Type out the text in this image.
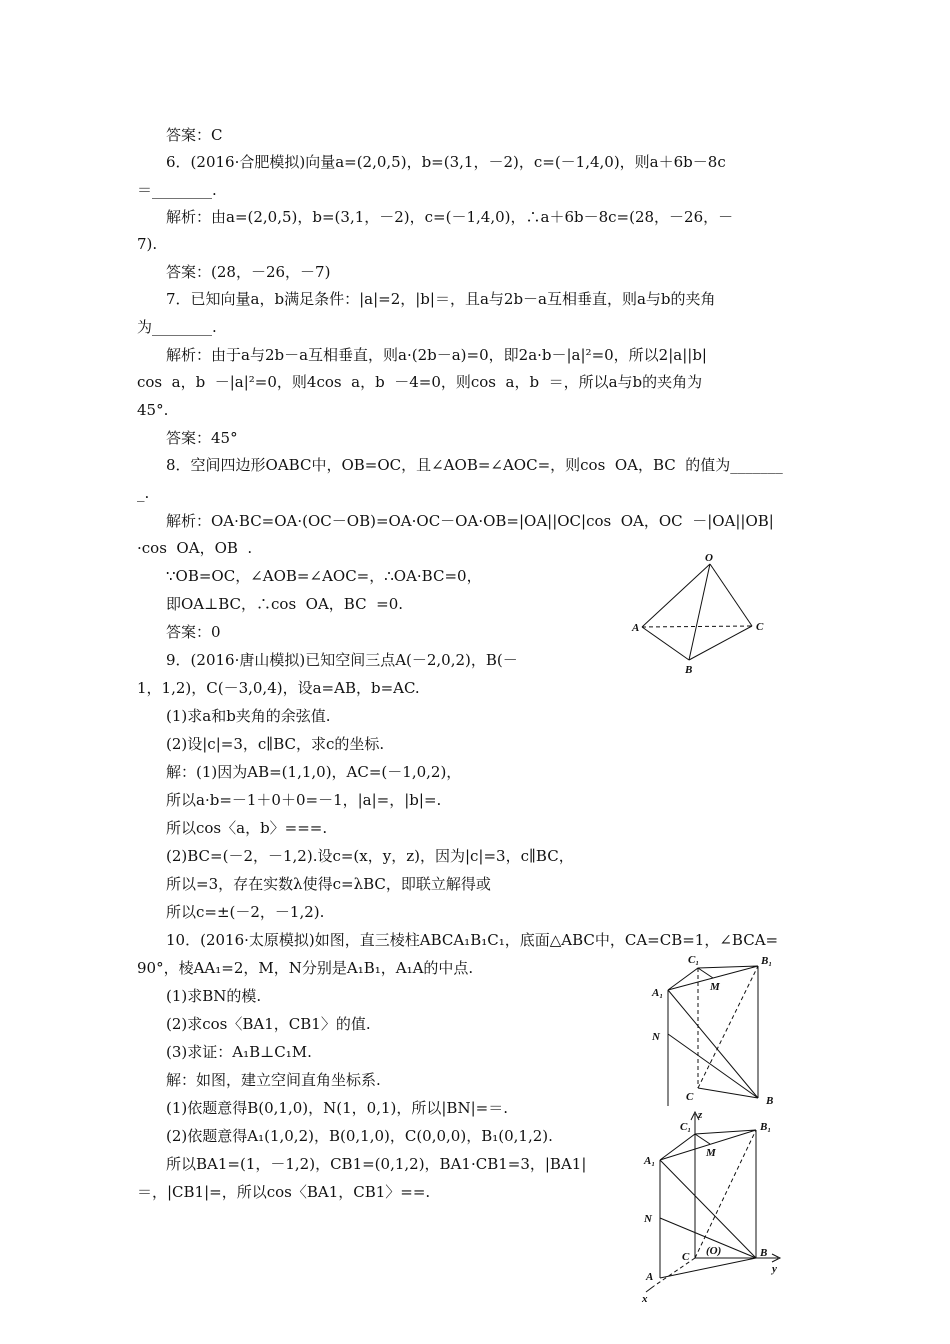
答案：C
6．(2016·合肥模拟)向量a=(2,0,5)，b=(3,1，－2)，c=(－1,4,0)，则a＋6b－8c
＝________.
解析：由a=(2,0,5)，b=(3,1，－2)，c=(－1,4,0)，∴a＋6b－8c=(28，－26，－
7).
答案：(28，－26，－7)
7．已知向量a，b满足条件：|a|=2，|b|＝，且a与2b－a互相垂直，则a与b的夹角
为________.
解析：由于a与2b－a互相垂直，则a·(2b－a)=0，即2a·b－|a|²=0，所以2|a||b|
cos  a，b  －|a|²=0，则4cos  a，b  －4=0，则cos  a，b  ＝，所以a与b的夹角为
45°.
答案：45°
8．空间四边形OABC中，OB=OC，且∠AOB=∠AOC=，则cos  OA，BC  的值为_______
_.
解析：OA·BC=OA·(OC－OB)=OA·OC－OA·OB=|OA||OC|cos  OA，OC  －|OA||OB|
·cos  OA，OB  .
∵OB=OC，∠AOB=∠AOC=，∴OA·BC=0，
即OA⊥BC，∴cos  OA，BC  =0.
答案：0
9．(2016·唐山模拟)已知空间三点A(－2,0,2)，B(－
1，1,2)，C(－3,0,4)，设a=AB，b=AC.
(1)求a和b夹角的余弦值.
(2)设|c|=3，c∥BC，求c的坐标.
解：(1)因为AB=(1,1,0)，AC=(－1,0,2)，
所以a·b=－1＋0＋0=－1，|a|=，|b|=.
所以cos〈a，b〉===.
(2)BC=(－2，－1,2).设c=(x，y，z)，因为|c|=3，c∥BC，
所以=3，存在实数λ使得c=λBC，即联立解得或
所以c=±(－2，－1,2).
10．(2016·太原模拟)如图，直三棱柱ABCA₁B₁C₁，底面△ABC中，CA=CB=1，∠BCA=
90°，棱AA₁=2，M，N分别是A₁B₁，A₁A的中点.
(1)求BN的模.
(2)求cos〈BA1，CB1〉的值.
(3)求证：A₁B⊥C₁M.
解：如图，建立空间直角坐标系.
(1)依题意得B(0,1,0)，N(1，0,1)，所以|BN|=＝.
(2)依题意得A₁(1,0,2)，B(0,1,0)，C(0,0,0)，B₁(0,1,2).
所以BA1=(1，－1,2)，CB1=(0,1,2)，BA1·CB1=3，|BA1|
＝，|CB1|=，所以cos〈BA1，CB1〉==.
O
A
B
C
C₁	B₁
A₁	M
N
C	B
z
C₁	B₁
A₁
M
N
C (O)	B
y
A
x
